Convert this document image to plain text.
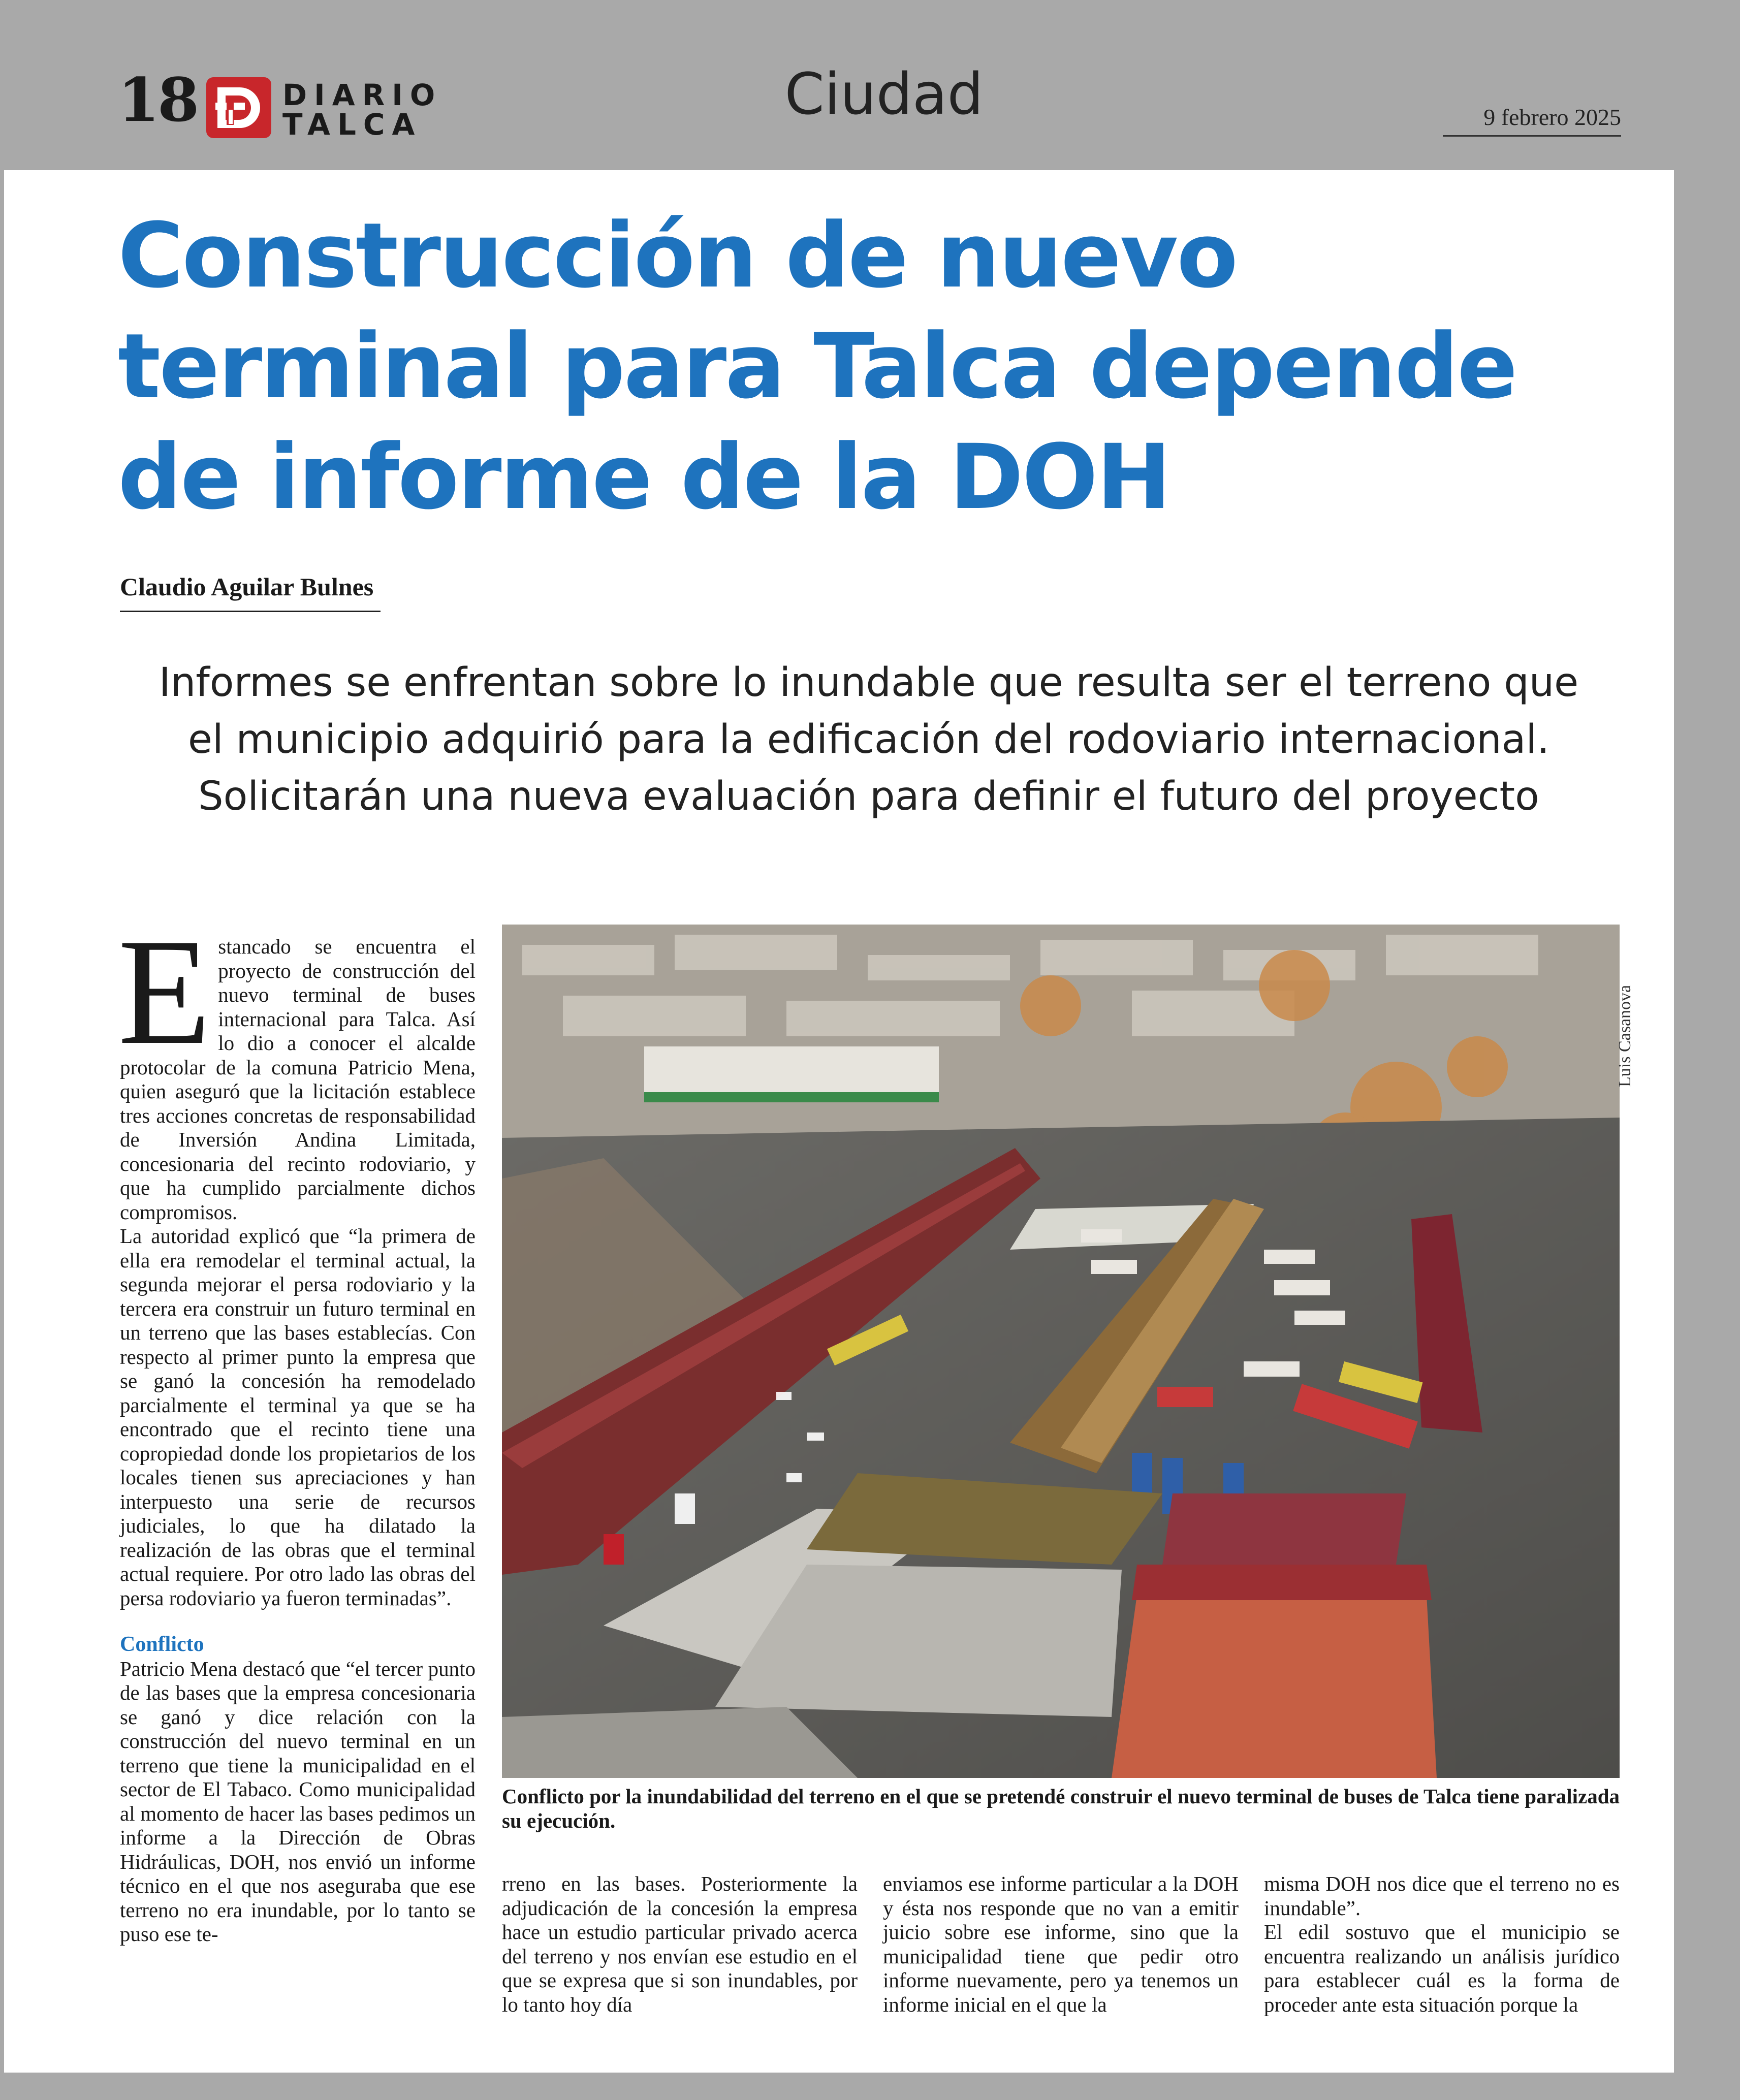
18	DIARIO
TALCA	Ciudad	9 febrero 2025
Construcción de nuevo terminal para Talca depende de informe de la DOH
Claudio Aguilar Bulnes

Informes se enfrentan sobre lo inundable que resulta ser el terreno que el municipio adquirió para la edificación del rodoviario internacional. Solicitarán una nueva evaluación para definir el futuro del proyecto

Estancado se encuentra el proyecto de construcción del nuevo terminal de buses internacional para Talca. Así lo dio a conocer el alcalde protocolar de la comuna Patricio Mena, quien aseguró que la licitación establece tres acciones concretas de responsabilidad de Inversión Andina Limitada, concesionaria del recinto rodoviario, y que ha cumplido parcialmente dichos compromisos.

La autoridad explicó que “la primera de ella era remodelar el terminal actual, la segunda mejorar el persa rodoviario y la tercera era construir un futuro terminal en un terreno que las bases establecías. Con respecto al primer punto la empresa que se ganó la concesión ha remodelado parcialmente el terminal ya que se ha encontrado que el recinto tiene una copropiedad donde los propietarios de los locales tienen sus apreciaciones y han interpuesto una serie de recursos judiciales, lo que ha dilatado la realización de las obras que el terminal actual requiere. Por otro lado las obras del persa rodoviario ya fueron terminadas”.

Conflicto

Patricio Mena destacó que “el tercer punto de las bases que la empresa concesionaria se ganó y dice relación con la construcción del nuevo terminal en un terreno que tiene la municipalidad en el sector de El Tabaco. Como municipalidad al momento de hacer las bases pedimos un informe a la Dirección de Obras Hidráulicas, DOH, nos envió un informe técnico en el que nos aseguraba que ese terreno no era inundable, por lo tanto se puso ese te-

Luis Casanova

Conflicto por la inundabilidad del terreno en el que se pretendé construir el nuevo terminal de buses de Talca tiene paralizada su ejecución.

rreno en las bases. Posteriormente la adjudicación de la concesión la empresa hace un estudio particular privado acerca del terreno y nos envían ese estudio en el que se expresa que si son inundables, por lo tanto hoy día

enviamos ese informe particular a la DOH y ésta nos responde que no van a emitir juicio sobre ese informe, sino que la municipalidad tiene que pedir otro informe nuevamente, pero ya tenemos un informe inicial en el que la

misma DOH nos dice que el terreno no es inundable”.

El edil sostuvo que el municipio se encuentra realizando un análisis jurídico para establecer cuál es la forma de proceder ante esta situación porque la
